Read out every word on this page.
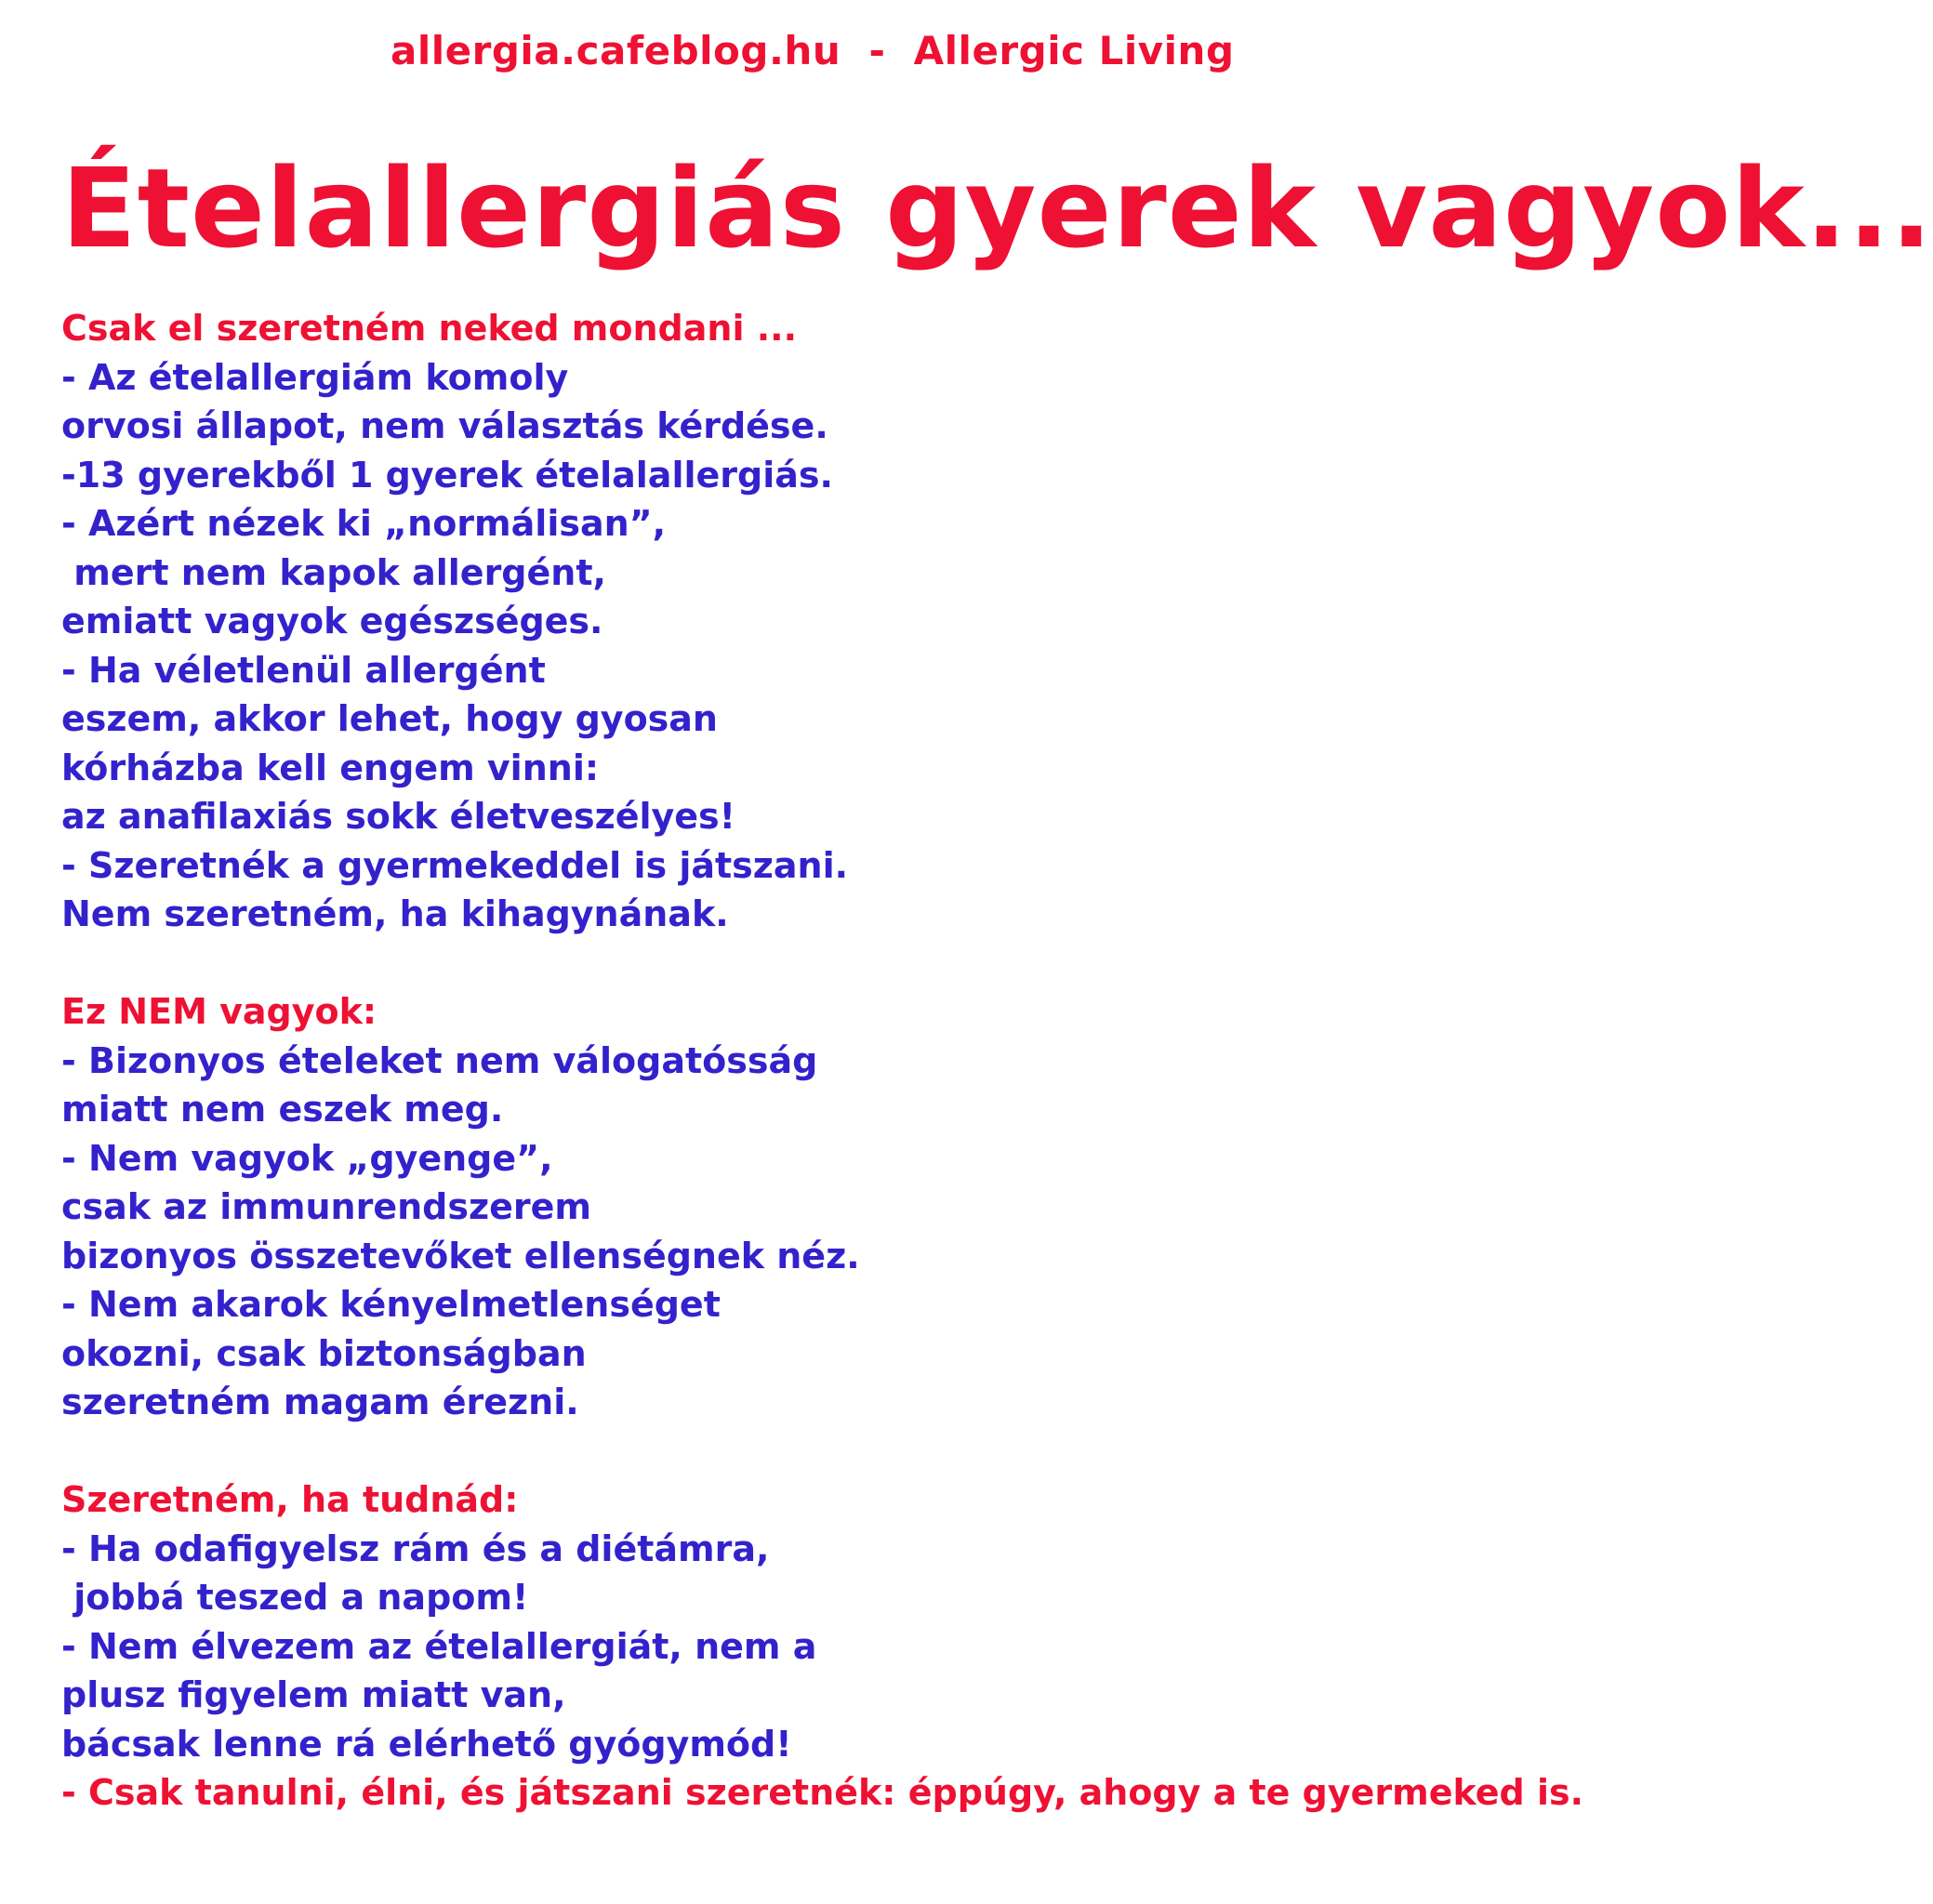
allergia.cafeblog.hu  -  Allergic Living
Ételallergiás gyerek vagyok...
Csak el szeretném neked mondani ...
- Az ételallergiám komoly
orvosi állapot, nem választás kérdése.
-13 gyerekből 1 gyerek ételalallergiás.
- Azért nézek ki „normálisan”,
mert nem kapok allergént,
emiatt vagyok egészséges.
- Ha véletlenül allergént
eszem, akkor lehet, hogy gyosan
kórházba kell engem vinni:
az anafilaxiás sokk életveszélyes!
- Szeretnék a gyermekeddel is játszani.
Nem szeretném, ha kihagynának.
Ez NEM vagyok:
- Bizonyos ételeket nem válogatósság
miatt nem eszek meg.
- Nem vagyok „gyenge”,
csak az immunrendszerem
bizonyos összetevőket ellenségnek néz.
- Nem akarok kényelmetlenséget
okozni, csak biztonságban
szeretném magam érezni.
Szeretném, ha tudnád:
- Ha odafigyelsz rám és a diétámra,
jobbá teszed a napom!
- Nem élvezem az ételallergiát, nem a
plusz figyelem miatt van,
bácsak lenne rá elérhető gyógymód!
- Csak tanulni, élni, és játszani szeretnék: éppúgy, ahogy a te gyermeked is.
